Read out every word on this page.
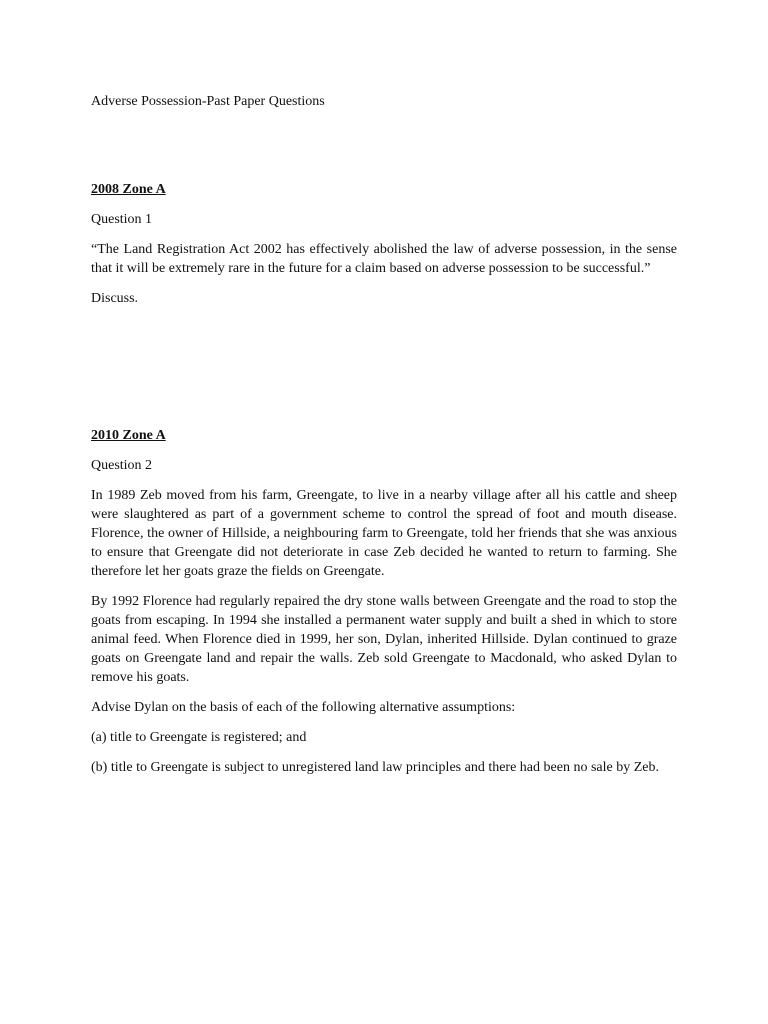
Adverse Possession-Past Paper Questions
2008 Zone A
Question 1

“The Land Registration Act 2002 has effectively abolished the law of adverse possession, in the sense that it will be extremely rare in the future for a claim based on adverse possession to be successful.”

Discuss.

2010 Zone A
Question 2

In 1989 Zeb moved from his farm, Greengate, to live in a nearby village after all his cattle and sheep were slaughtered as part of a government scheme to control the spread of foot and mouth disease. Florence, the owner of Hillside, a neighbouring farm to Greengate, told her friends that she was anxious to ensure that Greengate did not deteriorate in case Zeb decided he wanted to return to farming. She therefore let her goats graze the fields on Greengate.

By 1992 Florence had regularly repaired the dry stone walls between Greengate and the road to stop the goats from escaping. In 1994 she installed a permanent water supply and built a shed in which to store animal feed. When Florence died in 1999, her son, Dylan, inherited Hillside. Dylan continued to graze goats on Greengate land and repair the walls. Zeb sold Greengate to Macdonald, who asked Dylan to remove his goats.

Advise Dylan on the basis of each of the following alternative assumptions:

(a) title to Greengate is registered; and

(b) title to Greengate is subject to unregistered land law principles and there had been no sale by Zeb.
